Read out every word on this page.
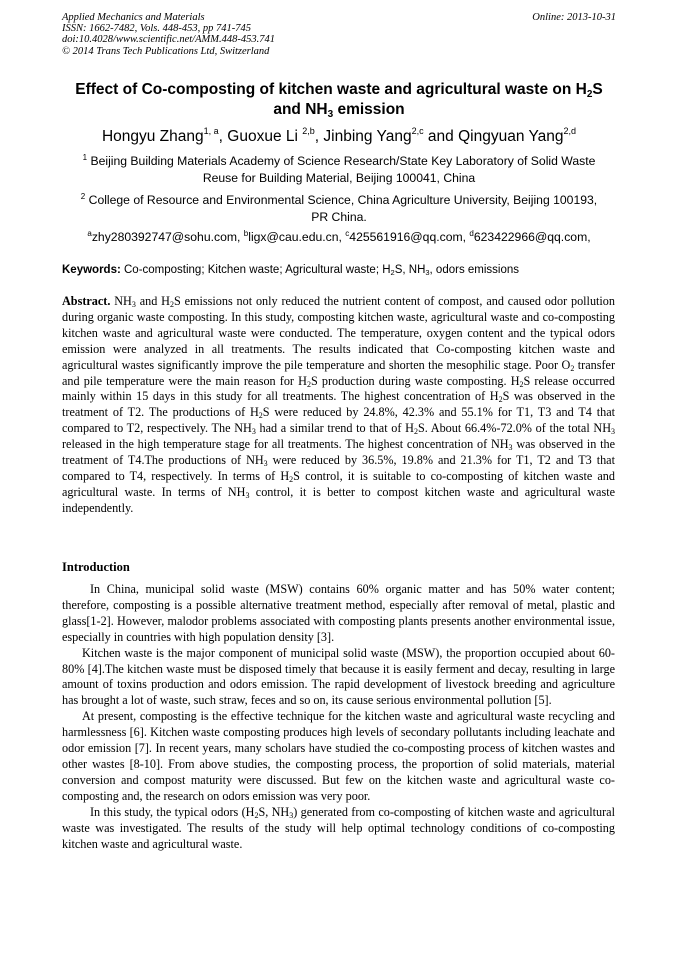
Applied Mechanics and Materials
ISSN: 1662-7482, Vols. 448-453, pp 741-745
doi:10.4028/www.scientific.net/AMM.448-453.741
© 2014 Trans Tech Publications Ltd, Switzerland
Online: 2013-10-31
Effect of Co-composting of kitchen waste and agricultural waste on $H_2S$
and $NH_3$ emission
Hongyu Zhang$^{1, a}$, Guoxue Li $^{2,b}$, Jinbing Yang$^{2,c}$ and Qingyuan Yang$^{2,d}$
$^1$ Beijing Building Materials Academy of Science Research/State Key Laboratory of Solid Waste
Reuse for Building Material, Beijing 100041, China
$^2$ College of Resource and Environmental Science, China Agriculture University, Beijing 100193,
PR China.
$^a$zhy280392747@sohu.com, $^b$ligx@cau.edu.cn, $^c$425561916@qq.com, $^d$623422966@qq.com,
Keywords: Co-composting; Kitchen waste; Agricultural waste; $H_2S$, $NH_3$, odors emissions
Abstract. $NH_3$ and $H_2S$ emissions not only reduced the nutrient content of compost, and caused odor pollution during organic waste composting. In this study, composting kitchen waste, agricultural waste and co-composting kitchen waste and agricultural waste were conducted. The temperature, oxygen content and the typical odors emission were analyzed in all treatments. The results indicated that Co-composting kitchen waste and agricultural wastes significantly improve the pile temperature and shorten the mesophilic stage. Poor $O_2$ transfer and pile temperature were the main reason for $H_2S$ production during waste composting. $H_2S$ release occurred mainly within 15 days in this study for all treatments. The highest concentration of $H_2S$ was observed in the treatment of T2. The productions of $H_2S$ were reduced by 24.8%, 42.3% and 55.1% for T1, T3 and T4 that compared to T2, respectively. The $NH_3$ had a similar trend to that of $H_2S$. About 66.4%-72.0% of the total $NH_3$ released in the high temperature stage for all treatments. The highest concentration of $NH_3$ was observed in the treatment of T4.The productions of $NH_3$ were reduced by 36.5%, 19.8% and 21.3% for T1, T2 and T3 that compared to T4, respectively. In terms of $H_2S$ control, it is suitable to co-composting of kitchen waste and agricultural waste. In terms of $NH_3$ control, it is better to compost kitchen waste and agricultural waste independently.
Introduction

In China, municipal solid waste (MSW) contains 60% organic matter and has 50% water content; therefore, composting is a possible alternative treatment method, especially after removal of metal, plastic and glass[1-2]. However, malodor problems associated with composting plants presents another environmental issue, especially in countries with high population density [3].

Kitchen waste is the major component of municipal solid waste (MSW), the proportion occupied about 60-80% [4].The kitchen waste must be disposed timely that because it is easily ferment and decay, resulting in large amount of toxins production and odors emission. The rapid development of livestock breeding and agriculture has brought a lot of waste, such straw, feces and so on, its cause serious environmental pollution [5].

At present, composting is the effective technique for the kitchen waste and agricultural waste recycling and harmlessness [6]. Kitchen waste composting produces high levels of secondary pollutants including leachate and odor emission [7]. In recent years, many scholars have studied the co-composting process of kitchen wastes and other wastes [8-10]. From above studies, the composting process, the proportion of solid materials, material conversion and compost maturity were discussed. But few on the kitchen waste and agricultural waste co-composting and, the research on odors emission was very poor.

In this study, the typical odors ($H_2S$, $NH_3$) generated from co-composting of kitchen waste and agricultural waste was investigated. The results of the study will help optimal technology conditions of co-composting kitchen waste and agricultural waste.
